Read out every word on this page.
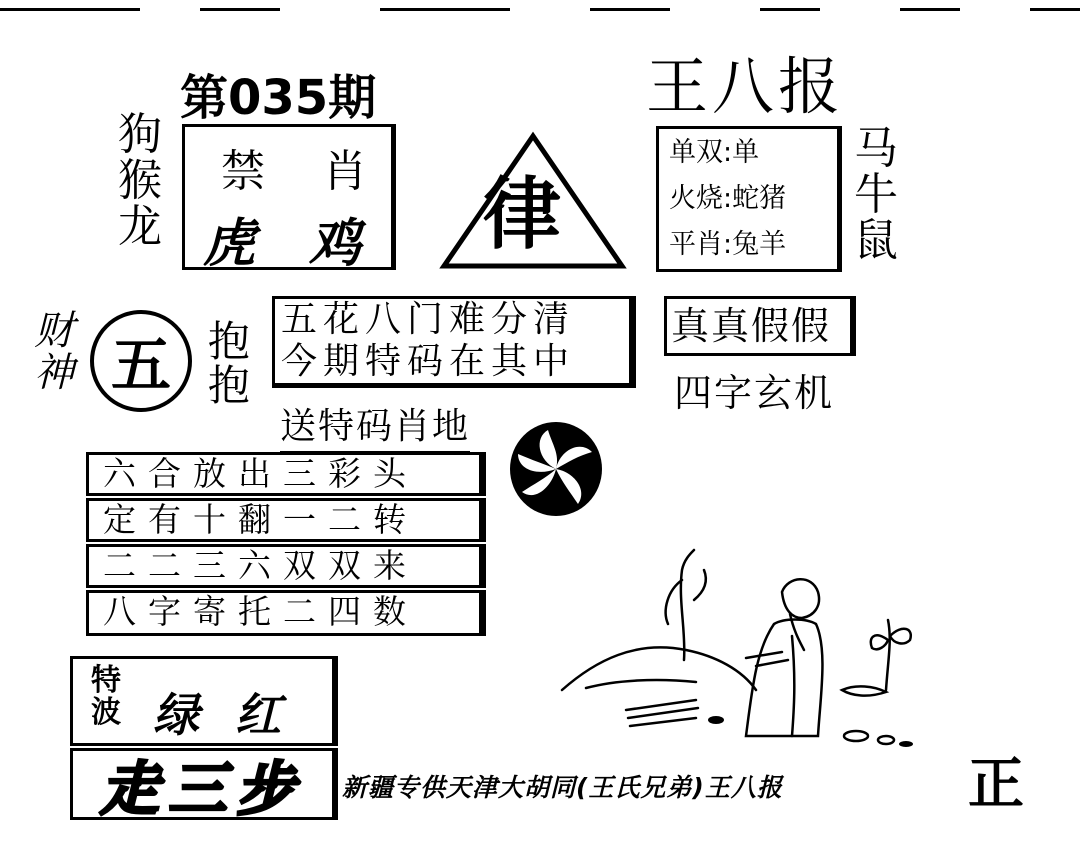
第035期
狗
猴
龙
禁 肖
虎 鸡 律
王八报
单双:单
火烧:蛇猪
平肖:兔羊
马
牛
鼠
财
神 五 抱
抱
五花八门难分清
今期特码在其中
送特码肖地
真真假假
四字玄机
六合放出三彩头
定有十翻一二转
二二三六双双来
八字寄托二四数
特
波 绿 红
走三步 新疆专供天津大胡同(王氏兄弟)王八报	正
